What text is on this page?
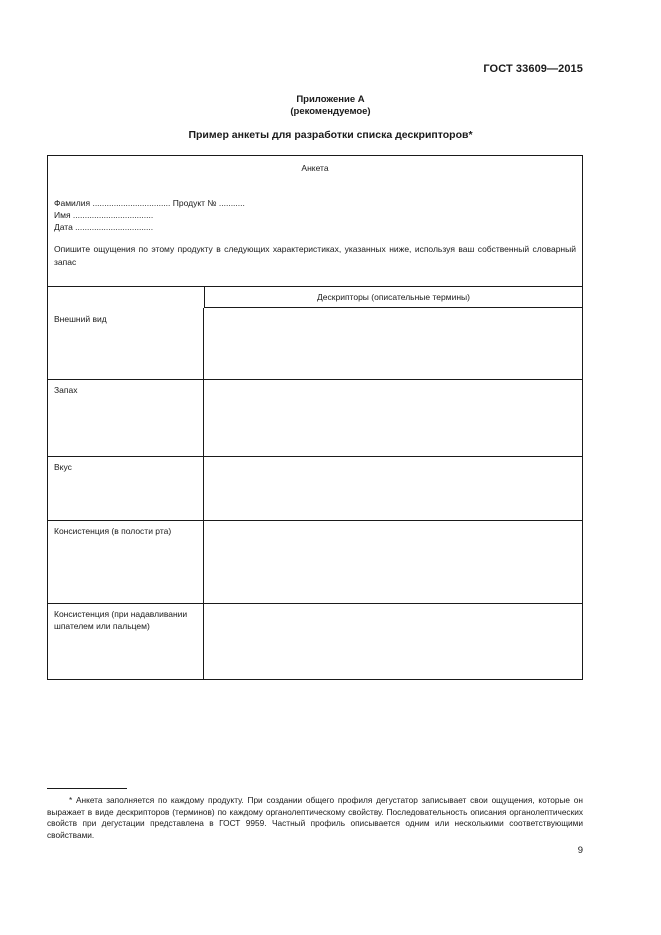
ГОСТ 33609—2015
Приложение А
(рекомендуемое)
Пример анкеты для разработки списка дескрипторов*
Анкета
Фамилия ................................. Продукт № ...........
Имя ..................................
Дата .................................
Опишите ощущения по этому продукту в следующих характеристиках, указанных ниже, используя ваш собственный словарный запас
Дескрипторы (описательные термины)
Внешний вид
Запах
Вкус
Консистенция (в полости рта)
Консистенция (при надавливании шпателем или пальцем)
* Анкета заполняется по каждому продукту. При создании общего профиля дегустатор записывает свои ощущения, которые он выражает в виде дескрипторов (терминов) по каждому органолептическому свойству. Последовательность описания органолептических свойств при дегустации представлена в ГОСТ 9959. Частный профиль описывается одним или несколькими соответствующими свойствами.
9
